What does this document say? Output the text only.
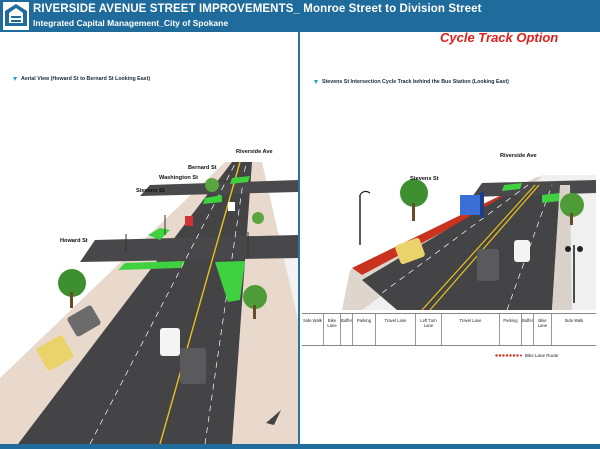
RIVERSIDE AVENUE STREET IMPROVEMENTS_ Monroe Street to Division Street
Integrated Capital Management_City of Spokane
Cycle Track Option
Aerial View (Howard St to Bernard St Looking East)
Riverside Ave
Bernard St
Washington St
Stevens St
Howard St
Stevens St Intersection Cycle Track behind the Bus Station (Looking East)
Riverside Ave
Stevens St
Side Walk	Bike Lane
Buffer	Parking	Travel Lane	Left Turn Lane
Travel Lane	Parking	Buffer	Bike Lane
Side Walk
Bike Lane Route
